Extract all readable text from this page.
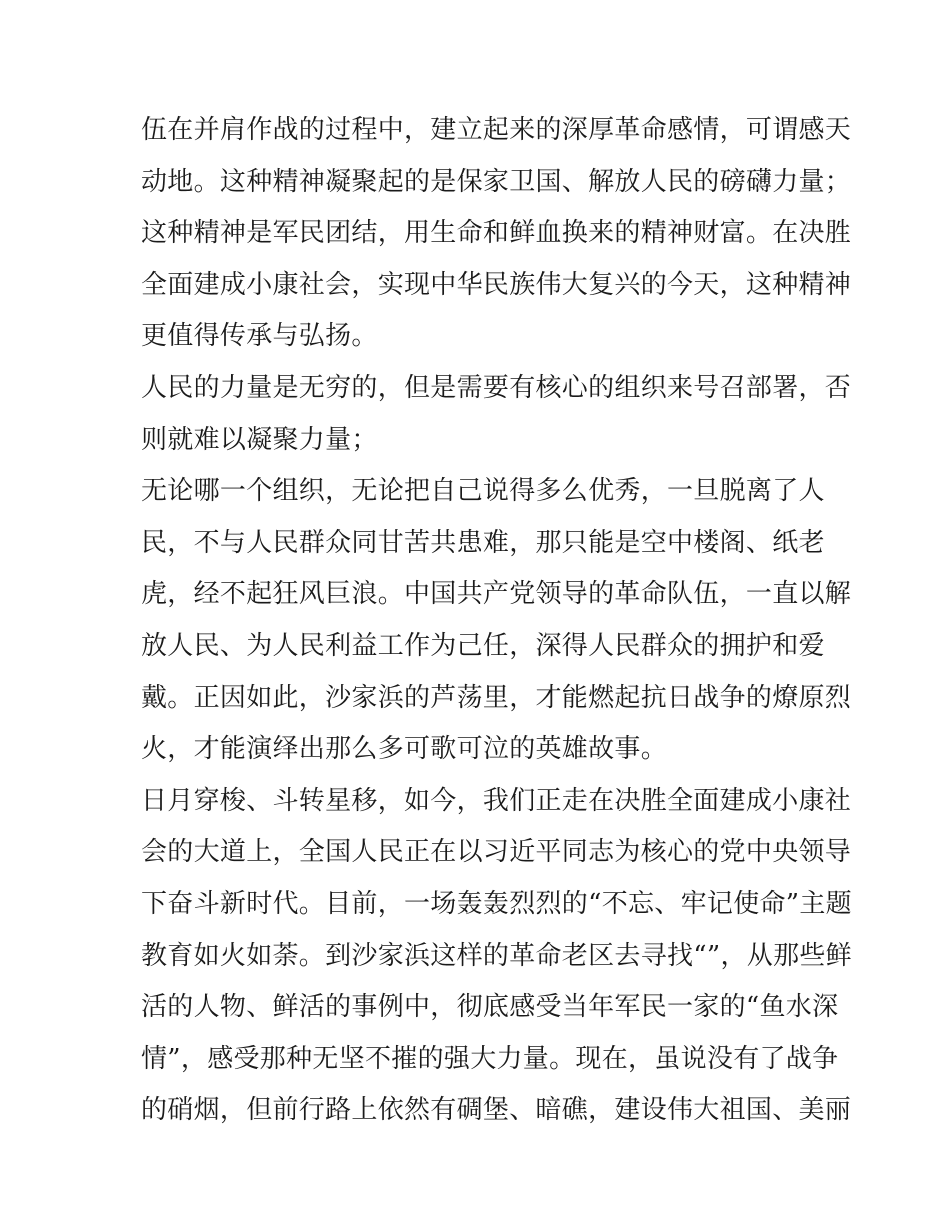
伍在并肩作战的过程中，建立起来的深厚革命感情，可谓感天
动地。这种精神凝聚起的是保家卫国、解放人民的磅礴力量；
这种精神是军民团结，用生命和鲜血换来的精神财富。在决胜
全面建成小康社会，实现中华民族伟大复兴的今天，这种精神
更值得传承与弘扬。
人民的力量是无穷的，但是需要有核心的组织来号召部署，否
则就难以凝聚力量；
无论哪一个组织，无论把自己说得多么优秀，一旦脱离了人
民，不与人民群众同甘苦共患难，那只能是空中楼阁、纸老
虎，经不起狂风巨浪。中国共产党领导的革命队伍，一直以解
放人民、为人民利益工作为己任，深得人民群众的拥护和爱
戴。正因如此，沙家浜的芦荡里，才能燃起抗日战争的燎原烈
火，才能演绎出那么多可歌可泣的英雄故事。
日月穿梭、斗转星移，如今，我们正走在决胜全面建成小康社
会的大道上，全国人民正在以习近平同志为核心的党中央领导
下奋斗新时代。目前，一场轰轰烈烈的“不忘、牢记使命”主题
教育如火如荼。到沙家浜这样的革命老区去寻找“”，从那些鲜
活的人物、鲜活的事例中，彻底感受当年军民一家的“鱼水深
情”，感受那种无坚不摧的强大力量。现在，虽说没有了战争
的硝烟，但前行路上依然有碉堡、暗礁，建设伟大祖国、美丽
